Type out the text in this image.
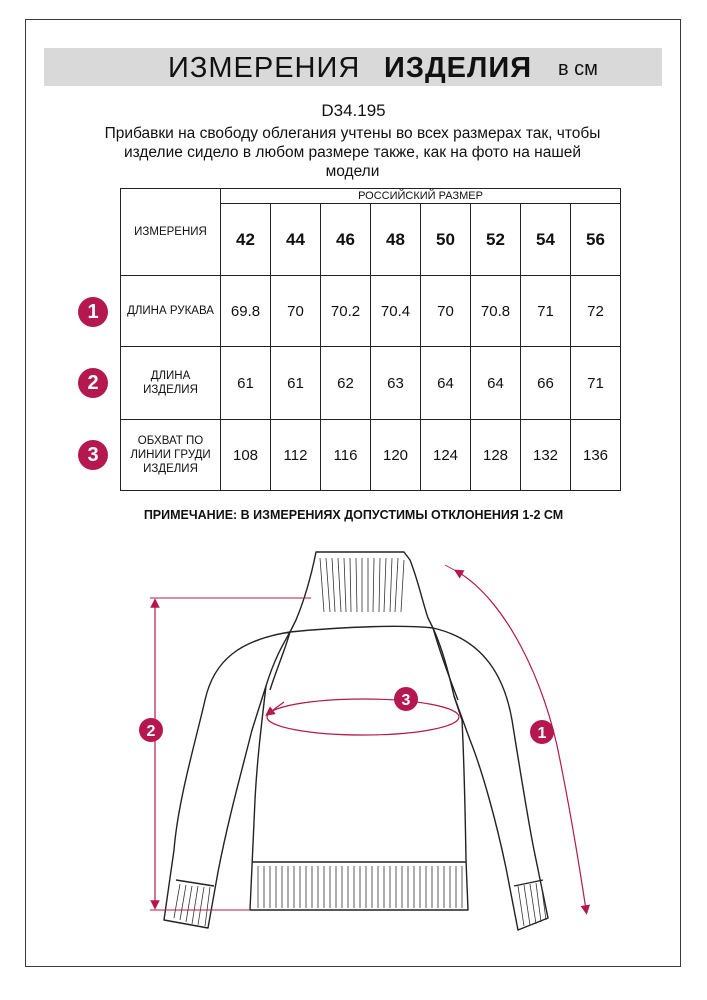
ИЗМЕРЕНИЯ ИЗДЕЛИЯ в см
D34.195
Прибавки на свободу облегания учтены во всех размерах так, чтобы
изделие сидело в любом размере также, как на фото на нашей
модели
ИЗМЕРЕНИЯ	РОССИЙСКИЙ РАЗМЕР							
	42	44	46	48	50	52	54	56
ДЛИНА РУКАВА	69.8	70	70.2	70.4	70	70.8	71	72

ДЛИНА
ИЗДЕЛИЯ	61	61	62	63	64	64	66	71

ОБХВАТ ПО
ЛИНИИ ГРУДИ
ИЗДЕЛИЯ	108	112	116	120	124	128	132	136
1
2
3
ПРИМЕЧАНИЕ: В ИЗМЕРЕНИЯХ ДОПУСТИМЫ ОТКЛОНЕНИЯ 1-2 СМ
2
3
1
